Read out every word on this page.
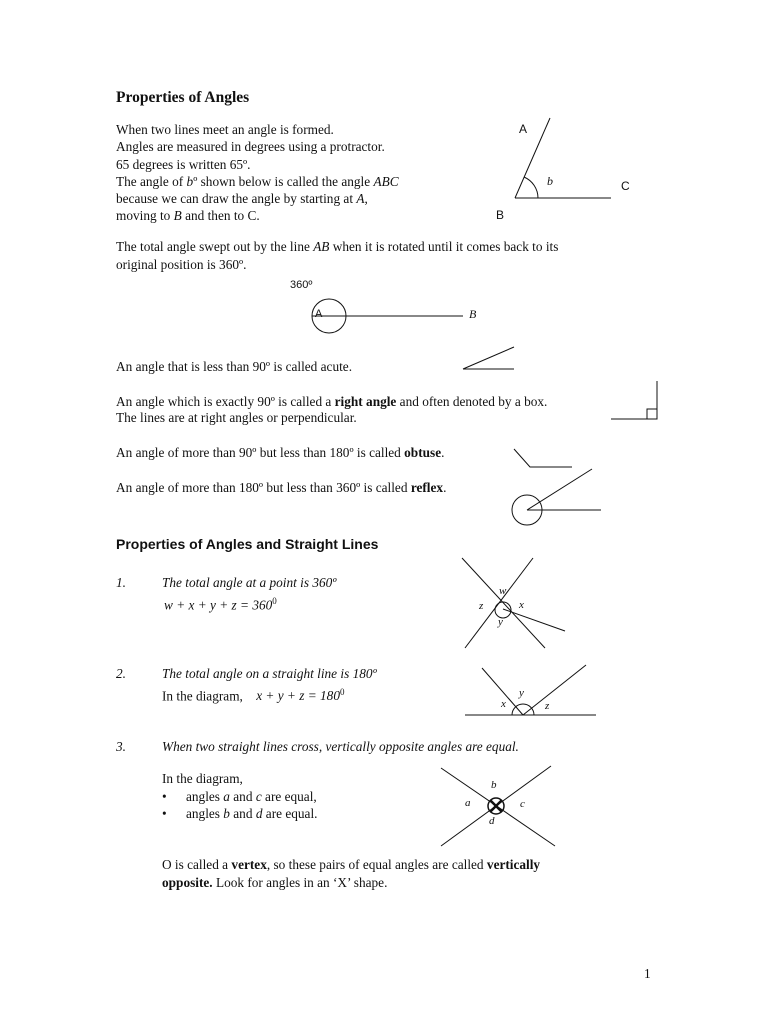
Properties of Angles
When two lines meet an angle is formed.
Angles are measured in degrees using a protractor.
65 degrees is written 65º.
The angle of bº shown below is called the angle ABC
because we can draw the angle by starting at A,
moving to B and then to C.
A
b	C
B
The total angle swept out by the line AB when it is rotated until it comes back to its
original position is 360º.
360º
A	B
An angle that is less than 90º is called acute.
An angle which is exactly 90º is called a right angle and often denoted by a box.
The lines are at right angles or perpendicular.
An angle of more than 90º but less than 180º is called obtuse.
An angle of more than 180º but less than 360º is called reflex.
Properties of Angles and Straight Lines
1.	The total angle at a point is 360º
$w + x + y + z = 360^0$
w
z	x
y
2.	The total angle on a straight line is 180º
In the diagram, $x + y + z = 180^0$	y
x	z
3.	When two straight lines cross, vertically opposite angles are equal.
In the diagram,
• angles a and c are equal,
• angles b and d are equal.
b
a	c
d
O is called a vertex, so these pairs of equal angles are called vertically
opposite. Look for angles in an ‘X’ shape.
1
